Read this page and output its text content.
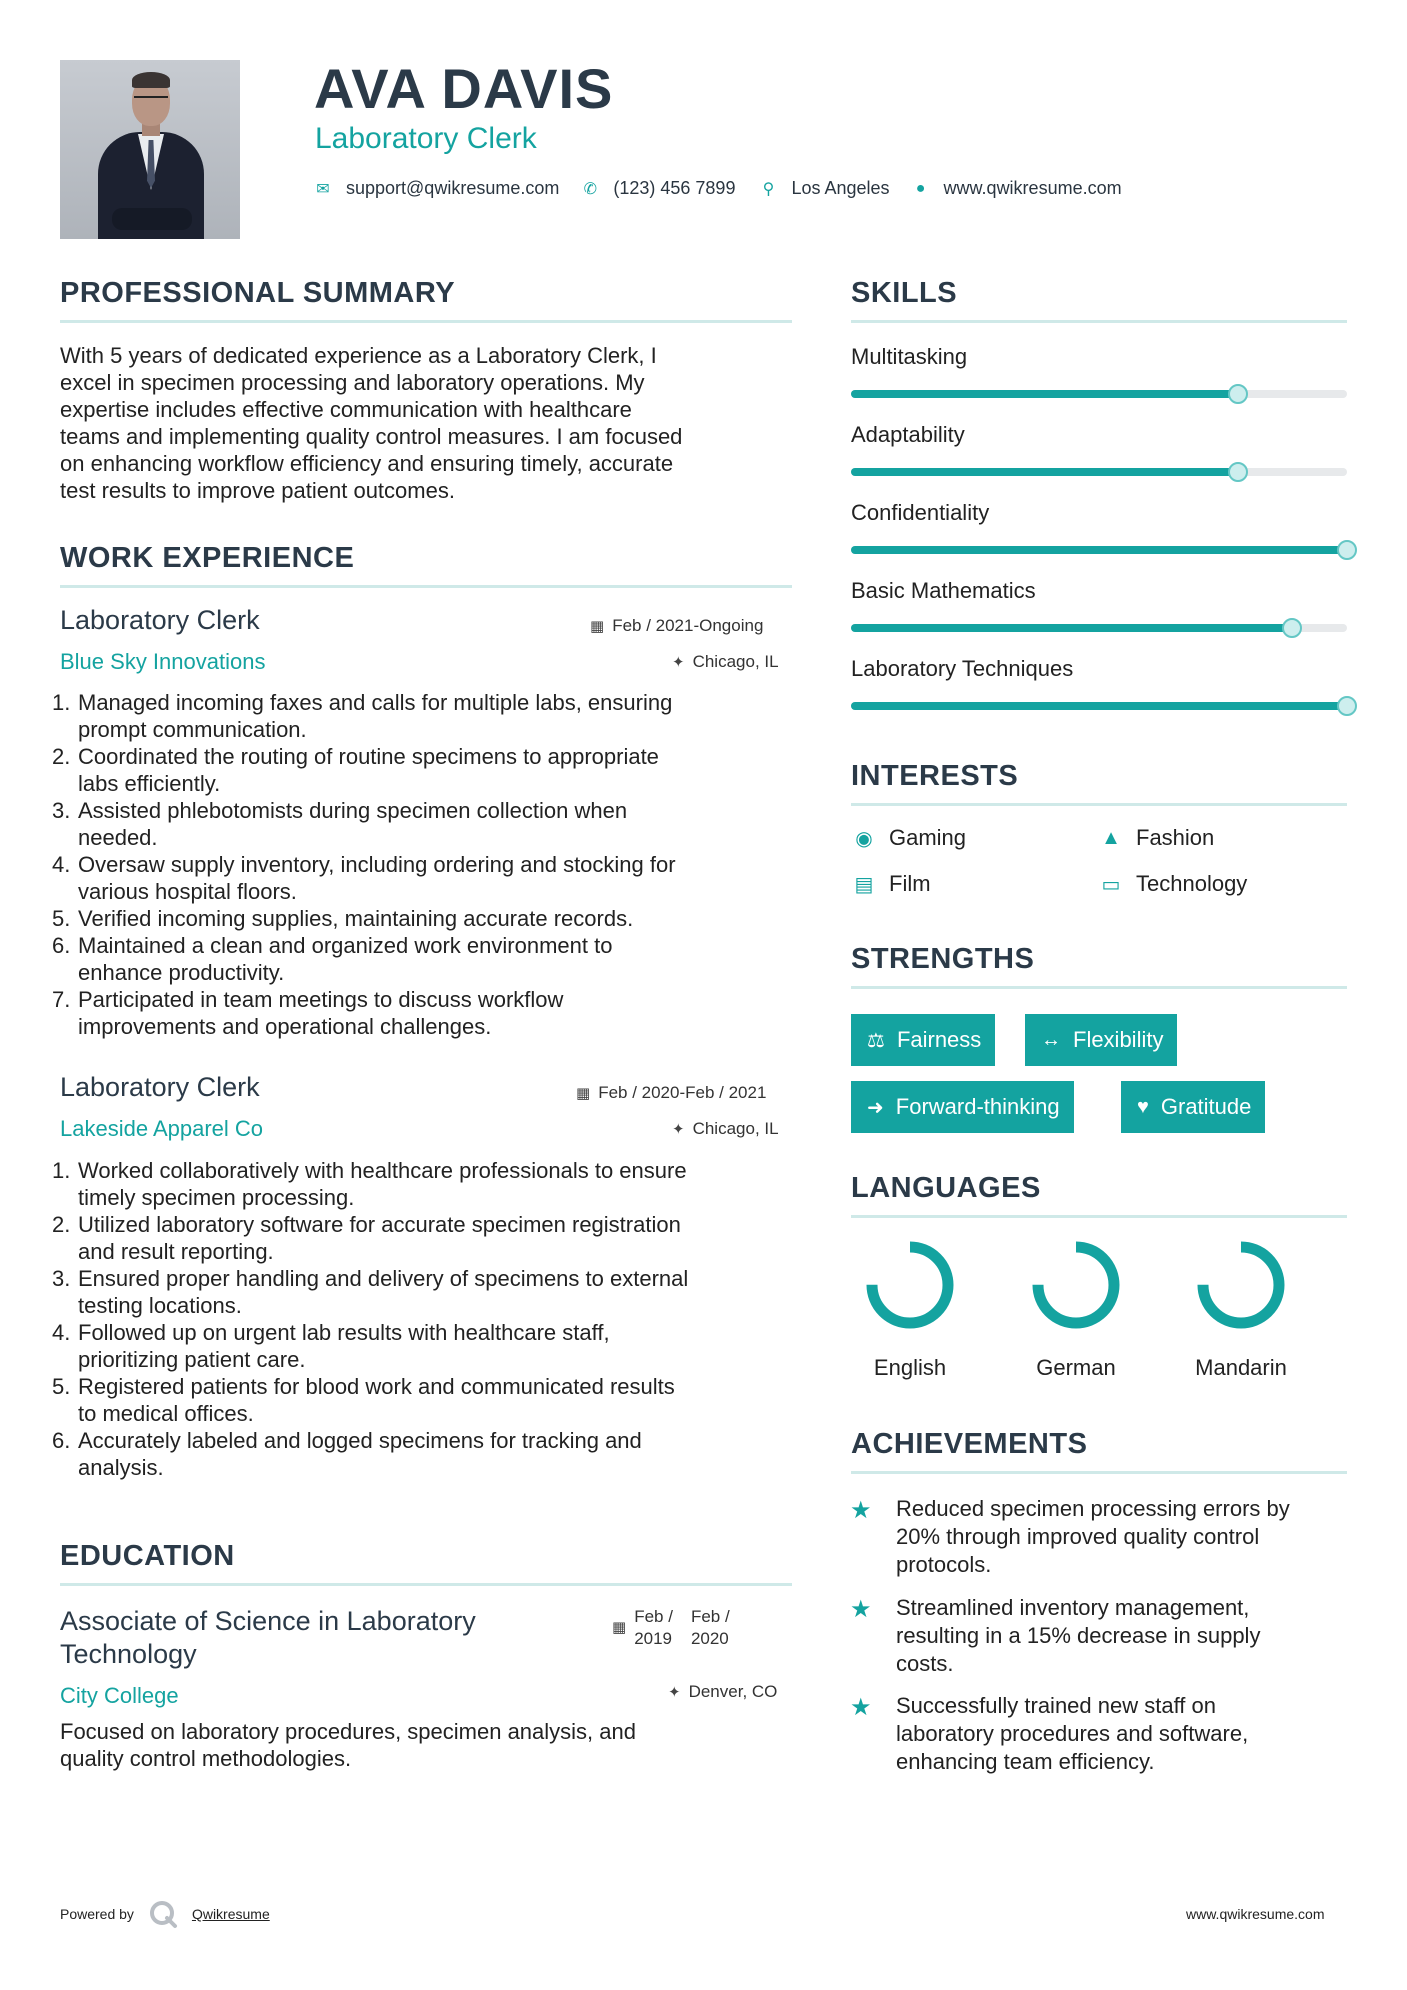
AVA DAVIS
Laboratory Clerk
✉ support@qwikresume.com ✆ (123) 456 7899 ⚲ Los Angeles ● www.qwikresume.com
PROFESSIONAL SUMMARY
With 5 years of dedicated experience as a Laboratory Clerk, I
excel in specimen processing and laboratory operations. My
expertise includes effective communication with healthcare
teams and implementing quality control measures. I am focused
on enhancing workflow efficiency and ensuring timely, accurate
test results to improve patient outcomes.
WORK EXPERIENCE
Laboratory Clerk	▦ Feb / 2021-Ongoing
Blue Sky Innovations	✦ Chicago, IL
1. Managed incoming faxes and calls for multiple labs, ensuring
prompt communication.
2. Coordinated the routing of routine specimens to appropriate
labs efficiently.
3. Assisted phlebotomists during specimen collection when
needed.
4. Oversaw supply inventory, including ordering and stocking for
various hospital floors.
5. Verified incoming supplies, maintaining accurate records.
6. Maintained a clean and organized work environment to
enhance productivity.
7. Participated in team meetings to discuss workflow
improvements and operational challenges.
Laboratory Clerk	▦ Feb / 2020-Feb / 2021
Lakeside Apparel Co	✦ Chicago, IL
1. Worked collaboratively with healthcare professionals to ensure
timely specimen processing.
2. Utilized laboratory software for accurate specimen registration
and result reporting.
3. Ensured proper handling and delivery of specimens to external
testing locations.
4. Followed up on urgent lab results with healthcare staff,
prioritizing patient care.
5. Registered patients for blood work and communicated results
to medical offices.
6. Accurately labeled and logged specimens for tracking and
analysis.
EDUCATION
Associate of Science in Laboratory
Technology
▦
Feb /
2019
Feb /
2020
City College	✦ Denver, CO
Focused on laboratory procedures, specimen analysis, and
quality control methodologies.
SKILLS
Multitasking
Adaptability
Confidentiality
Basic Mathematics
Laboratory Techniques
INTERESTS
◉ Gaming	▲ Fashion
▤ Film	▭ Technology
STRENGTHS
⚖ Fairness	↔ Flexibility
➜ Forward-thinking	♥ Gratitude
LANGUAGES
English	German	Mandarin
ACHIEVEMENTS
★ Reduced specimen processing errors by
20% through improved quality control
protocols.
★ Streamlined inventory management,
resulting in a 15% decrease in supply
costs.
★ Successfully trained new staff on
laboratory procedures and software,
enhancing team efficiency.
Powered by	Qwikresume	www.qwikresume.com
